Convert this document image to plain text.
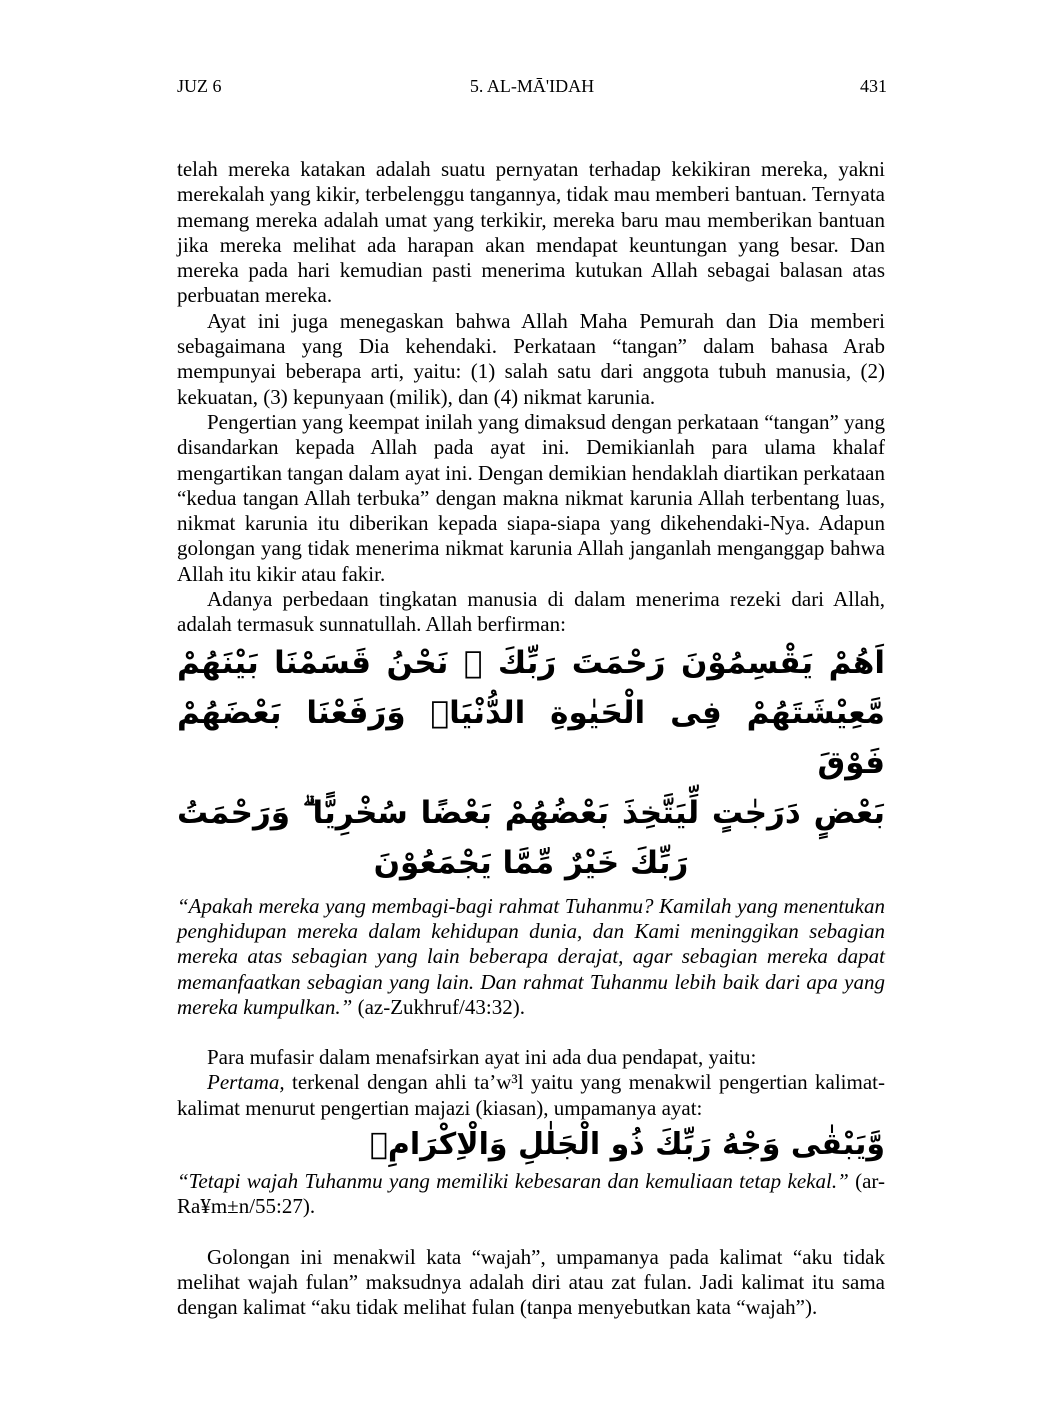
JUZ 6	5. AL-MĀ'IDAH	431

telah mereka katakan adalah suatu pernyatan terhadap kekikiran mereka, yakni merekalah yang kikir, terbelenggu tangannya, tidak mau memberi bantuan. Ternyata memang mereka adalah umat yang terkikir, mereka baru mau memberikan bantuan jika mereka melihat ada harapan akan mendapat keuntungan yang besar. Dan mereka pada hari kemudian pasti menerima kutukan Allah sebagai balasan atas perbuatan mereka.

Ayat ini juga menegaskan bahwa Allah Maha Pemurah dan Dia memberi sebagaimana yang Dia kehendaki. Perkataan “tangan” dalam bahasa Arab mempunyai beberapa arti, yaitu: (1) salah satu dari anggota tubuh manusia, (2) kekuatan, (3) kepunyaan (milik), dan (4) nikmat karunia.

Pengertian yang keempat inilah yang dimaksud dengan perkataan “tangan” yang disandarkan kepada Allah pada ayat ini. Demikianlah para ulama khalaf mengartikan tangan dalam ayat ini. Dengan demikian hendaklah diartikan perkataan “kedua tangan Allah terbuka” dengan makna nikmat karunia Allah terbentang luas, nikmat karunia itu diberikan kepada siapa-siapa yang dikehendaki-Nya. Adapun golongan yang tidak menerima nikmat karunia Allah janganlah menganggap bahwa Allah itu kikir atau fakir.

Adanya perbedaan tingkatan manusia di dalam menerima rezeki dari Allah, adalah termasuk sunnatullah. Allah berfirman:

اَهُمْ يَقْسِمُوْنَ رَحْمَتَ رَبِّكَ ۗ نَحْنُ قَسَمْنَا بَيْنَهُمْ مَّعِيْشَتَهُمْ فِى الْحَيٰوةِ الدُّنْيَاۙ وَرَفَعْنَا بَعْضَهُمْ فَوْقَ

بَعْضٍ دَرَجٰتٍ لِّيَتَّخِذَ بَعْضُهُمْ بَعْضًا سُخْرِيًّا ۗ وَرَحْمَتُ رَبِّكَ خَيْرٌ مِّمَّا يَجْمَعُوْنَ

“Apakah mereka yang membagi-bagi rahmat Tuhanmu? Kamilah yang menentukan penghidupan mereka dalam kehidupan dunia, dan Kami meninggikan sebagian mereka atas sebagian yang lain beberapa derajat, agar sebagian mereka dapat memanfaatkan sebagian yang lain. Dan rahmat Tuhanmu lebih baik dari apa yang mereka kumpulkan.” (az-Zukhruf/43:32).

Para mufasir dalam menafsirkan ayat ini ada dua pendapat, yaitu:

Pertama, terkenal dengan ahli ta’w³l yaitu yang menakwil pengertian kalimat-kalimat menurut pengertian majazi (kiasan), umpamanya ayat:

وَّيَبْقٰى وَجْهُ رَبِّكَ ذُو الْجَلٰلِ وَالْاِكْرَامِۚ

“Tetapi wajah Tuhanmu yang memiliki kebesaran dan kemuliaan tetap kekal.” (ar-Ra¥m±n/55:27).

Golongan ini menakwil kata “wajah”, umpamanya pada kalimat “aku tidak melihat wajah fulan” maksudnya adalah diri atau zat fulan. Jadi kalimat itu sama dengan kalimat “aku tidak melihat fulan (tanpa menyebutkan kata “wajah”).
